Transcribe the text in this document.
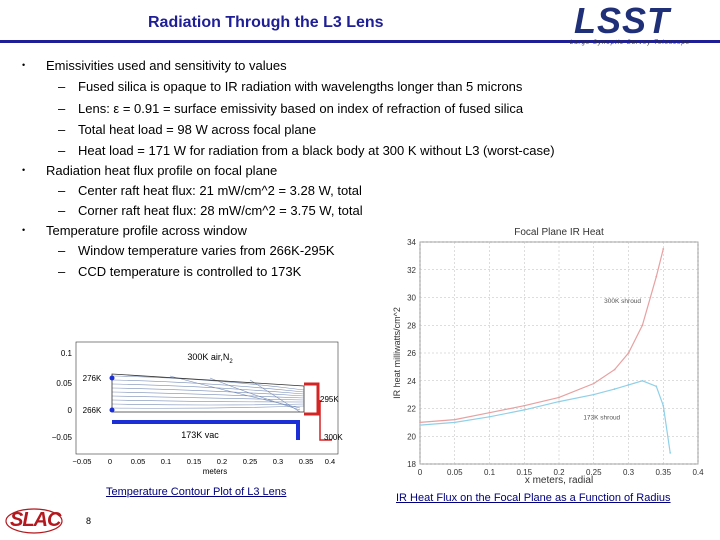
Radiation Through the L3 Lens	LSST
Large Synoptic Survey Telescope
• Emissivities used and sensitivity to values
– Fused silica is opaque to IR radiation with wavelengths longer than 5 microns
– Lens: ε = 0.91 = surface emissivity based on index of refraction of fused silica
– Total heat load = 98 W across focal plane
– Heat load = 171 W for radiation from a black body at 300 K without L3 (worst-case)
• Radiation heat flux profile on focal plane
– Center raft heat flux: 21 mW/cm^2 = 3.28 W, total
– Corner raft heat flux: 28 mW/cm^2 = 3.75 W, total
• Temperature profile across window
– Window temperature varies from 266K-295K
– CCD temperature is controlled to 173K
0.1
0.05
0
−0.05
−0.05 0 0.05 0.1 0.15 0.2 0.25 0.3 0.35 0.4
meters
300K $air,N_2$
276K
266K
295K
300K
173K vac
Temperature Contour Plot of L3 Lens
Focal Plane IR Heat
x meters, radial
IR heat milliwatts/cm^2
0	0.05	0.1	0.15	0.2	0.25	0.3	0.35	0.4
18
20
22
24
26
28
30
32
34
300K shroud
173K shroud
IR Heat Flux on the Focal Plane as a Function of Radius
SLAC	8
